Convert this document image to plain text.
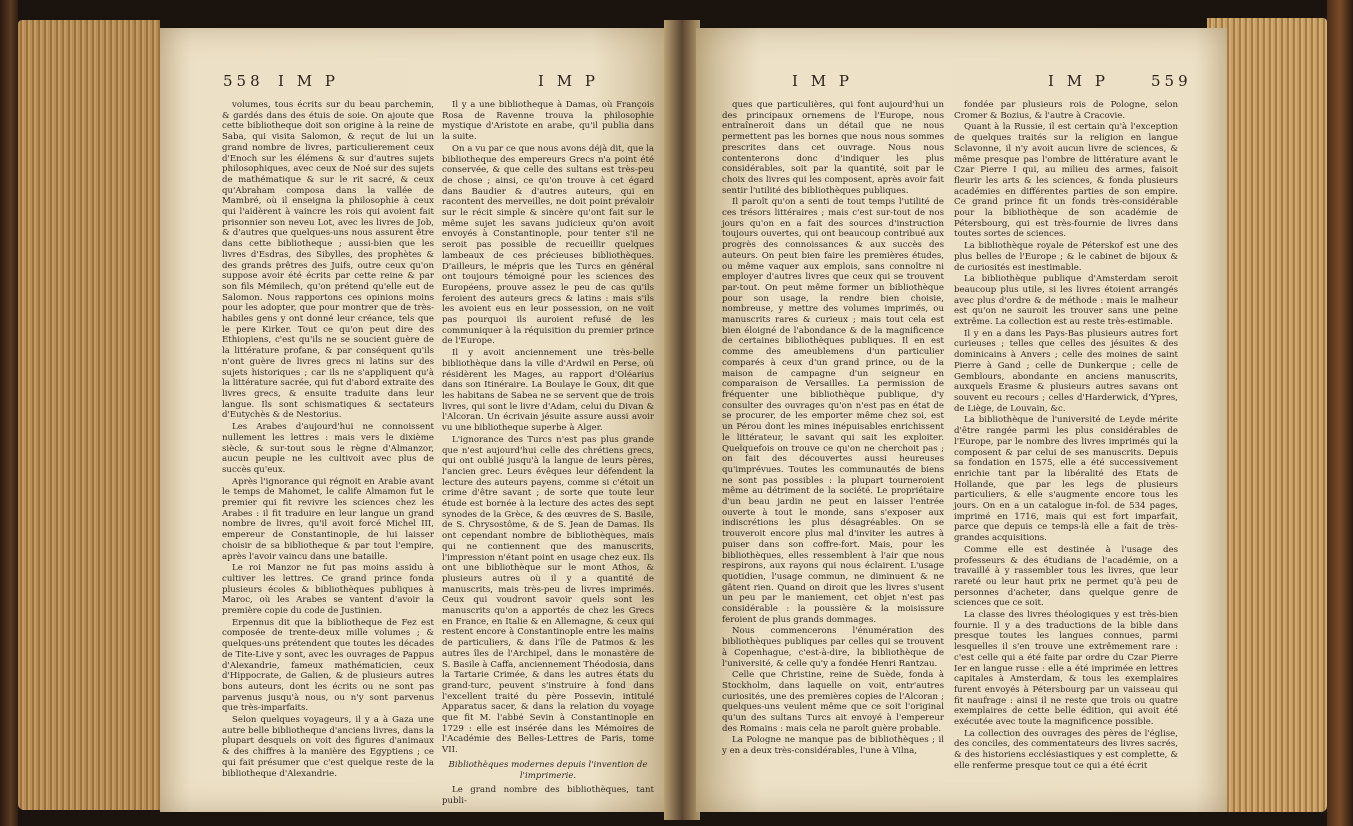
558 I M P	I M P

volumes, tous écrits sur du beau parchemin, & gardés dans des étuis de soie. On ajoute que cette bibliotheque doit son origine à la reine de Saba, qui visita Salomon, & reçut de lui un grand nombre de livres, particulierement ceux d'Enoch sur les élémens & sur d'autres sujets philosophiques, avec ceux de Noé sur des sujets de mathématique & sur le rit sacré, & ceux qu'Abraham composa dans la vallée de Mambré, où il enseigna la philosophie à ceux qui l'aidèrent à vaincre les rois qui avoient fait prisonnier son neveu Lot, avec les livres de Job, & d'autres que quelques-uns nous assurent être dans cette bibliotheque ; aussi-bien que les livres d'Esdras, des Sibylles, des prophètes & des grands prêtres des Juifs, outre ceux qu'on suppose avoir été écrits par cette reine & par son fils Mémilech, qu'on prétend qu'elle eut de Salomon. Nous rapportons ces opinions moins pour les adopter, que pour montrer que de très-habiles gens y ont donné leur créance, tels que le pere Kirker. Tout ce qu'on peut dire des Ethiopiens, c'est qu'ils ne se soucient guère de la littérature profane, & par conséquent qu'ils n'ont guère de livres grecs ni latins sur des sujets historiques ; car ils ne s'appliquent qu'à la littérature sacrée, qui fut d'abord extraite des livres grecs, & ensuite traduite dans leur langue. Ils sont schismatiques & sectateurs d'Eutychès & de Nestorius.

Les Arabes d'aujourd'hui ne connoissent nullement les lettres : mais vers le dixième siècle, & sur-tout sous le règne d'Almanzor, aucun peuple ne les cultivoit avec plus de succès qu'eux.

Après l'ignorance qui régnoit en Arabie avant le temps de Mahomet, le calife Almamon fut le premier qui fit revivre les sciences chez les Arabes : il fit traduire en leur langue un grand nombre de livres, qu'il avoit forcé Michel III, empereur de Constantinople, de lui laisser choisir de sa bibliotheque & par tout l'empire, après l'avoir vaincu dans une bataille.

Le roi Manzor ne fut pas moins assidu à cultiver les lettres. Ce grand prince fonda plusieurs écoles & bibliothèques publiques à Maroc, où les Arabes se vantent d'avoir la première copie du code de Justinien.

Erpennus dit que la bibliotheque de Fez est composée de trente-deux mille volumes ; & quelques-uns prétendent que toutes les décades de Tite-Live y sont, avec les ouvrages de Pappus d'Alexandrie, fameux mathématicien, ceux d'Hippocrate, de Galien, & de plusieurs autres bons auteurs, dont les écrits ou ne sont pas parvenus jusqu'à nous, ou n'y sont parvenus que très-imparfaits.

Selon quelques voyageurs, il y a à Gaza une autre belle bibliotheque d'anciens livres, dans la plupart desquels on voit des figures d'animaux & des chiffres à la manière des Egyptiens ; ce qui fait présumer que c'est quelque reste de la bibliotheque d'Alexandrie.

Il y a une bibliotheque à Damas, où François Rosa de Ravenne trouva la philosophie mystique d'Aristote en arabe, qu'il publia dans la suite.

On a vu par ce que nous avons déjà dit, que la bibliotheque des empereurs Grecs n'a point été conservée, & que celle des sultans est très-peu de chose ; ainsi, ce qu'on trouve à cet égard dans Baudier & d'autres auteurs, qui en racontent des merveilles, ne doit point prévaloir sur le récit simple & sincère qu'ont fait sur le même sujet les savans judicieux qu'on avoit envoyés à Constantinople, pour tenter s'il ne seroit pas possible de recueillir quelques lambeaux de ces précieuses bibliothèques. D'ailleurs, le mépris que les Turcs en général ont toujours témoigné pour les sciences des Européens, prouve assez le peu de cas qu'ils feroient des auteurs grecs & latins : mais s'ils les avoient eus en leur possession, on ne voit pas pourquoi ils auroient refusé de les communiquer à la réquisition du premier prince de l'Europe.

Il y avoit anciennement une très-belle bibliothèque dans la ville d'Ardwil en Perse, où résidèrent les Mages, au rapport d'Oléarius dans son Itinéraire. La Boulaye le Goux, dit que les habitans de Sabea ne se servent que de trois livres, qui sont le livre d'Adam, celui du Divan & l'Alcoran. Un écrivain jésuite assure aussi avoir vu une bibliotheque superbe à Alger.

L'ignorance des Turcs n'est pas plus grande que n'est aujourd'hui celle des chrétiens grecs, qui ont oublié jusqu'à la langue de leurs pères, l'ancien grec. Leurs évêques leur défendent la lecture des auteurs payens, comme si c'étoit un crime d'être savant ; de sorte que toute leur étude est bornée à la lecture des actes des sept synodes de la Grèce, & des œuvres de S. Basile, de S. Chrysostôme, & de S. Jean de Damas. Ils ont cependant nombre de bibliothèques, mais qui ne contiennent que des manuscrits, l'impression n'étant point en usage chez eux. Ils ont une bibliothèque sur le mont Athos, & plusieurs autres où il y a quantité de manuscrits, mais très-peu de livres imprimés. Ceux qui voudront savoir quels sont les manuscrits qu'on a apportés de chez les Grecs en France, en Italie & en Allemagne, & ceux qui restent encore à Constantinople entre les mains de particuliers, & dans l'île de Patmos & les autres îles de l'Archipel, dans le monastère de S. Basile à Caffa, anciennement Théodosia, dans la Tartarie Crimée, & dans les autres états du grand-turc, peuvent s'instruire à fond dans l'excellent traité du père Possevin, intitulé Apparatus sacer, & dans la relation du voyage que fit M. l'abbé Sevin à Constantinople en 1729 : elle est insérée dans les Mémoires de l'Académie des Belles-Lettres de Paris, tome VII.

Bibliothèques modernes depuis l'invention de l'imprimerie.

Le grand nombre des bibliothèques, tant publi-

I M P	I M P	559

ques que particulières, qui font aujourd'hui un des principaux ornemens de l'Europe, nous entraîneroit dans un détail que ne nous permettent pas les bornes que nous nous sommes prescrites dans cet ouvrage. Nous nous contenterons donc d'indiquer les plus considérables, soit par la quantité, soit par le choix des livres qui les composent, après avoir fait sentir l'utilité des bibliothèques publiques.

Il paroît qu'on a senti de tout temps l'utilité de ces trésors littéraires ; mais c'est sur-tout de nos jours qu'on en a fait des sources d'instruction toujours ouvertes, qui ont beaucoup contribué aux progrès des connoissances & aux succès des auteurs. On peut bien faire les premières études, ou même vaquer aux emplois, sans connoître ni employer d'autres livres que ceux qui se trouvent par-tout. On peut même former un bibliothèque pour son usage, la rendre bien choisie, nombreuse, y mettre des volumes imprimés, ou manuscrits rares & curieux ; mais tout cela est bien éloigné de l'abondance & de la magnificence de certaines bibliothèques publiques. Il en est comme des ameublemens d'un particulier comparés à ceux d'un grand prince, ou de la maison de campagne d'un seigneur en comparaison de Versailles. La permission de fréquenter une bibliothèque publique, d'y consulter des ouvrages qu'on n'est pas en état de se procurer, de les emporter même chez soi, est un Pérou dont les mines inépuisables enrichissent le littérateur, le savant qui sait les exploiter. Quelquefois on trouve ce qu'on ne cherchoit pas ; on fait des découvertes aussi heureuses qu'imprévues. Toutes les communautés de biens ne sont pas possibles : la plupart tourneroient même au détriment de la société. Le propriétaire d'un beau jardin ne peut en laisser l'entrée ouverte à tout le monde, sans s'exposer aux indiscrétions les plus désagréables. On se trouveroit encore plus mal d'inviter les autres à puiser dans son coffre-fort. Mais, pour les bibliothèques, elles ressemblent à l'air que nous respirons, aux rayons qui nous éclairent. L'usage quotidien, l'usage commun, ne diminuent & ne gâtent rien. Quand on diroit que les livres s'usent un peu par le maniement, cet objet n'est pas considérable : la poussière & la moisissure feroient de plus grands dommages.

Nous commencerons l'énumération des bibliothèques publiques par celles qui se trouvent à Copenhague, c'est-à-dire, la bibliothèque de l'université, & celle qu'y a fondée Henri Rantzau.

Celle que Christine, reine de Suède, fonda à Stockholm, dans laquelle on voit, entr'autres curiosités, une des premières copies de l'Alcoran ; quelques-uns veulent même que ce soit l'original qu'un des sultans Turcs ait envoyé à l'empereur des Romains : mais cela ne paroît guère probable.

La Pologne ne manque pas de bibliothèques ; il y en a deux très-considérables, l'une à Vilna,

fondée par plusieurs rois de Pologne, selon Cromer & Bozius, & l'autre à Cracovie.

Quant à la Russie, il est certain qu'à l'exception de quelques traités sur la religion en langue Sclavonne, il n'y avoit aucun livre de sciences, & même presque pas l'ombre de littérature avant le Czar Pierre I qui, au milieu des armes, faisoit fleurir les arts & les sciences, & fonda plusieurs académies en différentes parties de son empire. Ce grand prince fit un fonds très-considérable pour la bibliothèque de son académie de Pétersbourg, qui est très-fournie de livres dans toutes sortes de sciences.

La bibliothèque royale de Péterskof est une des plus belles de l'Europe ; & le cabinet de bijoux & de curiosités est inestimable.

La bibliothèque publique d'Amsterdam seroit beaucoup plus utile, si les livres étoient arrangés avec plus d'ordre & de méthode : mais le malheur est qu'on ne sauroit les trouver sans une peine extrême. La collection est au reste très-estimable.

Il y en a dans les Pays-Bas plusieurs autres fort curieuses ; telles que celles des jésuites & des dominicains à Anvers ; celle des moines de saint Pierre à Gand ; celle de Dunkerque ; celle de Gemblours, abondante en anciens manuscrits, auxquels Erasme & plusieurs autres savans ont souvent eu recours ; celles d'Harderwick, d'Ypres, de Liège, de Louvain, &c.

La bibliothèque de l'université de Leyde mérite d'être rangée parmi les plus considérables de l'Europe, par le nombre des livres imprimés qui la composent & par celui de ses manuscrits. Depuis sa fondation en 1575, elle a été successivement enrichie tant par la libéralité des Etats de Hollande, que par les legs de plusieurs particuliers, & elle s'augmente encore tous les jours. On en a un catalogue in-fol. de 534 pages, imprimé en 1716, mais qui est fort imparfait, parce que depuis ce temps-là elle a fait de très-grandes acquisitions.

Comme elle est destinée à l'usage des professeurs & des étudians de l'académie, on a travaillé à y rassembler tous les livres, que leur rareté ou leur haut prix ne permet qu'à peu de personnes d'acheter, dans quelque genre de sciences que ce soit.

La classe des livres théologiques y est très-bien fournie. Il y a des traductions de la bible dans presque toutes les langues connues, parmi lesquelles il s'en trouve une extrêmement rare : c'est celle qui a été faite par ordre du Czar Pierre Ier en langue russe : elle a été imprimée en lettres capitales à Amsterdam, & tous les exemplaires furent envoyés à Pétersbourg par un vaisseau qui fit naufrage : ainsi il ne reste que trois ou quatre exemplaires de cette belle édition, qui avoit été exécutée avec toute la magnificence possible.

La collection des ouvrages des pères de l'église, des conciles, des commentateurs des livres sacrés, & des historiens ecclésiastiques y est complette, & elle renferme presque tout ce qui a été écrit
